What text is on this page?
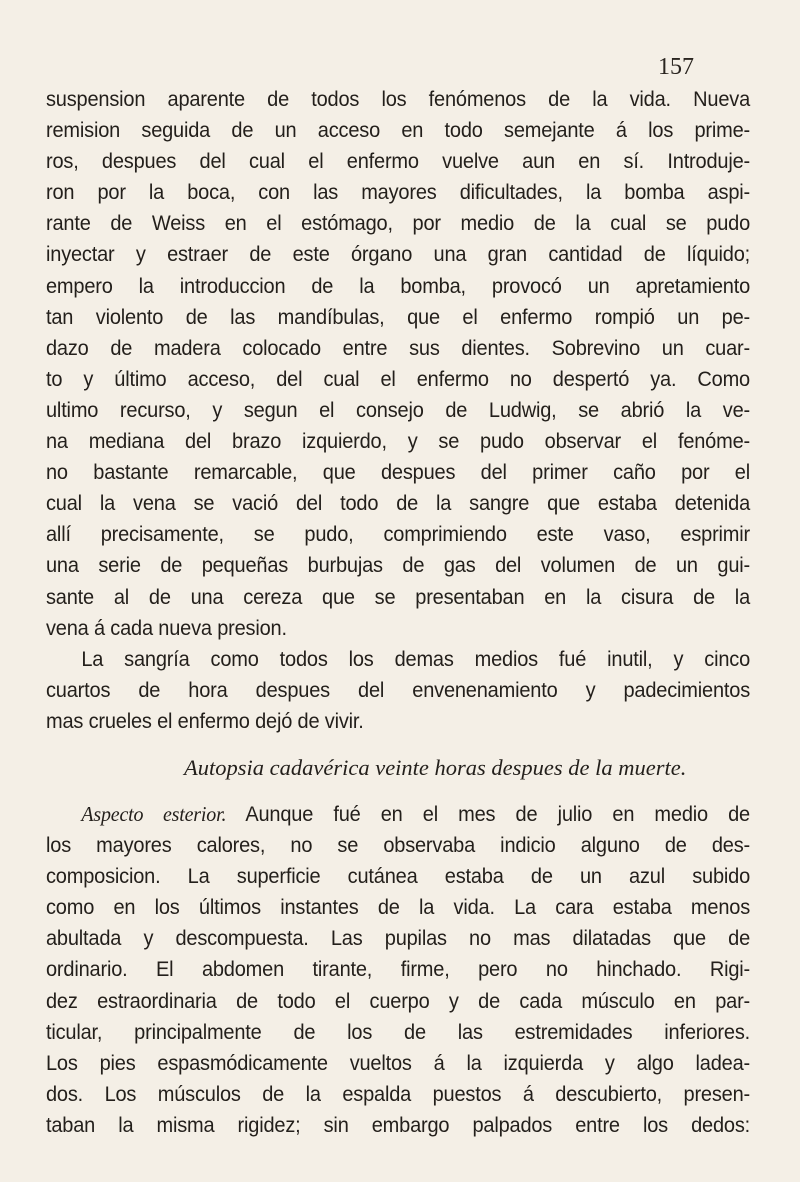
157
suspension aparente de todos los fenómenos de la vida. Nueva
remision seguida de un acceso en todo semejante á los prime-
ros, despues del cual el enfermo vuelve aun en sí. Introduje-
ron por la boca, con las mayores dificultades, la bomba aspi-
rante de Weiss en el estómago, por medio de la cual se pudo
inyectar y estraer de este órgano una gran cantidad de líquido;
empero la introduccion de la bomba, provocó un apretamiento
tan violento de las mandíbulas, que el enfermo rompió un pe-
dazo de madera colocado entre sus dientes. Sobrevino un cuar-
to y último acceso, del cual el enfermo no despertó ya. Como
ultimo recurso, y segun el consejo de Ludwig, se abrió la ve-
na mediana del brazo izquierdo, y se pudo observar el fenóme-
no bastante remarcable, que despues del primer caño por el
cual la vena se vació del todo de la sangre que estaba detenida
allí precisamente, se pudo, comprimiendo este vaso, esprimir
una serie de pequeñas burbujas de gas del volumen de un gui-
sante al de una cereza que se presentaban en la cisura de la
vena á cada nueva presion.
La sangría como todos los demas medios fué inutil, y cinco
cuartos de hora despues del envenenamiento y padecimientos
mas crueles el enfermo dejó de vivir.
Autopsia cadavérica veinte horas despues de la muerte.
Aspecto esterior. Aunque fué en el mes de julio en medio de
los mayores calores, no se observaba indicio alguno de des-
composicion. La superficie cutánea estaba de un azul subido
como en los últimos instantes de la vida. La cara estaba menos
abultada y descompuesta. Las pupilas no mas dilatadas que de
ordinario. El abdomen tirante, firme, pero no hinchado. Rigi-
dez estraordinaria de todo el cuerpo y de cada músculo en par-
ticular, principalmente de los de las estremidades inferiores.
Los pies espasmódicamente vueltos á la izquierda y algo ladea-
dos. Los músculos de la espalda puestos á descubierto, presen-
taban la misma rigidez; sin embargo palpados entre los dedos:
